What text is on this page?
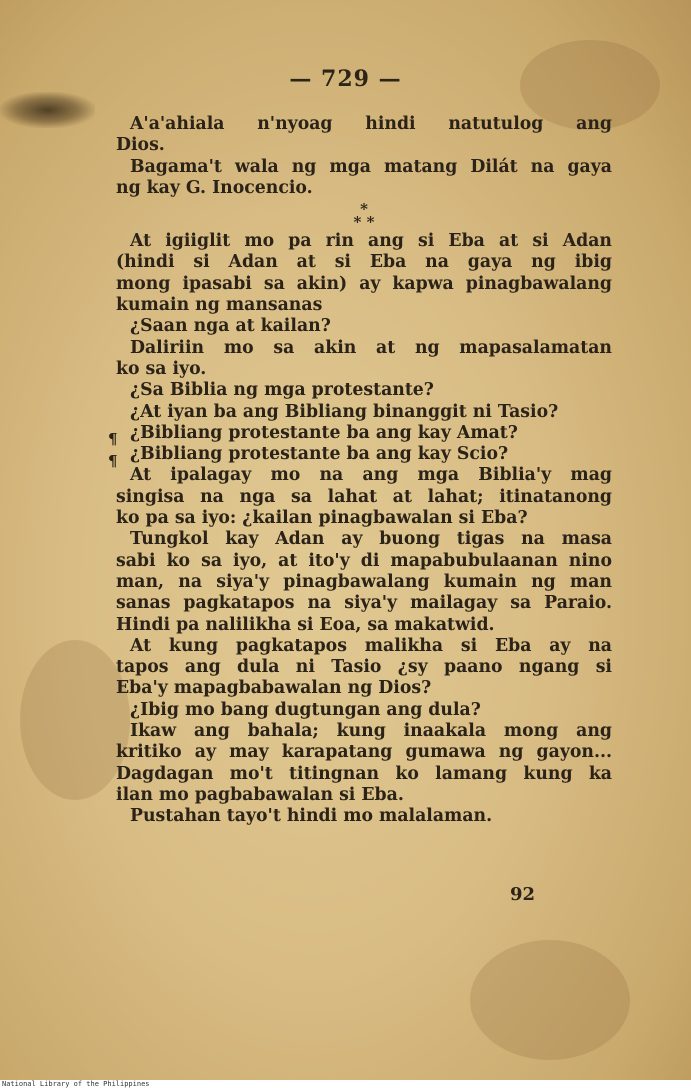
¶
¶
— 729 —

A'a'ahiala n'nyoag hindi natutulog ang
Dios.

Bagama't wala ng mga matang Dilát na gaya
ng kay G. Inocencio.

*
* *

At igiiglit mo pa rin ang si Eba at si Adan
(hindi si Adan at si Eba na gaya ng ibig
mong ipasabi sa akin) ay kapwa pinagbawalang
kumain ng mansanas

¿Saan nga at kailan?

Daliriin mo sa akin at ng mapasalamatan
ko sa iyo.

¿Sa Biblia ng mga protestante?

¿At iyan ba ang Bibliang binanggit ni Tasio?

¿Bibliang protestante ba ang kay Amat?

¿Bibliang protestante ba ang kay Scio?

At ipalagay mo na ang mga Biblia'y mag
singisa na nga sa lahat at lahat; itinatanong
ko pa sa iyo: ¿kailan pinagbawalan si Eba?

Tungkol kay Adan ay buong tigas na masa
sabi ko sa iyo, at ito'y di mapabubulaanan nino
man, na siya'y pinagbawalang kumain ng man
sanas pagkatapos na siya'y mailagay sa Paraio.
Hindi pa nalilikha si Eoa, sa makatwid.

At kung pagkatapos malikha si Eba ay na
tapos ang dula ni Tasio ¿sy paano ngang si
Eba'y mapagbabawalan ng Dios?

¿Ibig mo bang dugtungan ang dula?

Ikaw ang bahala; kung inaakala mong ang
kritiko ay may karapatang gumawa ng gayon...
Dagdagan mo't titingnan ko lamang kung ka
ilan mo pagbabawalan si Eba.

Pustahan tayo't hindi mo malalaman.

92
National Library of the Philippines
